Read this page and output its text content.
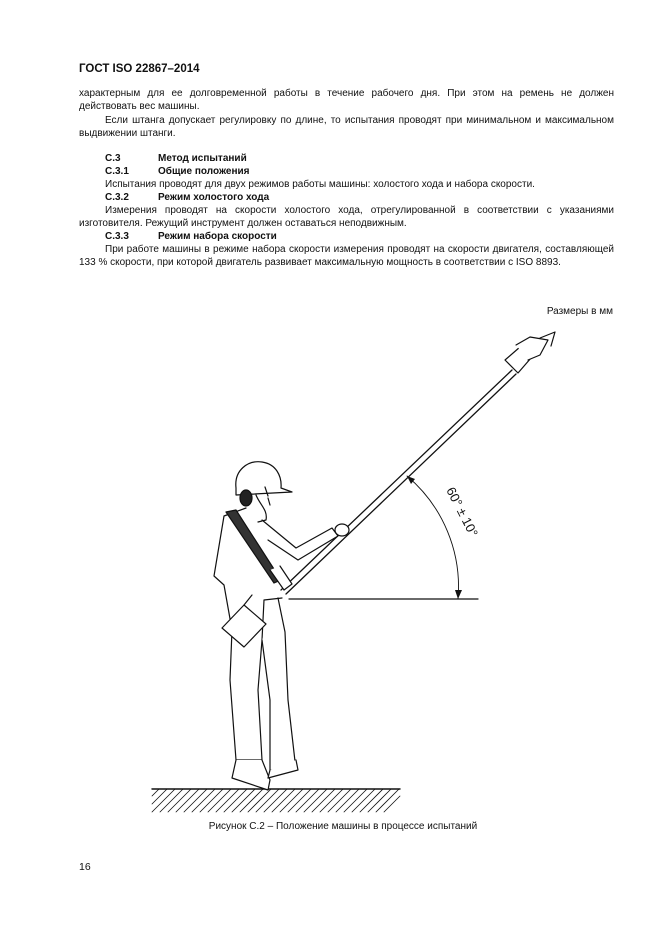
ГОСТ ISO 22867–2014
характерным для ее долговременной работы в течение рабочего дня. При этом на ремень не должен действовать вес машины.
Если штанга допускает регулировку по длине, то испытания проводят при минимальном и максимальном выдвижении штанги.
С.3	Метод испытаний
С.3.1	Общие положения
Испытания проводят для двух режимов работы машины: холостого хода и набора скорости.
С.3.2	Режим холостого хода
Измерения проводят на скорости холостого хода, отрегулированной в соответствии с указаниями изготовителя. Режущий инструмент должен оставаться неподвижным.
С.3.3	Режим набора скорости
При работе машины в режиме набора скорости измерения проводят на скорости двигателя, составляющей 133 % скорости, при которой двигатель развивает максимальную мощность в соответствии с ISO 8893.
Размеры в мм
60° ± 10°
Рисунок С.2 – Положение машины в процессе испытаний
16
